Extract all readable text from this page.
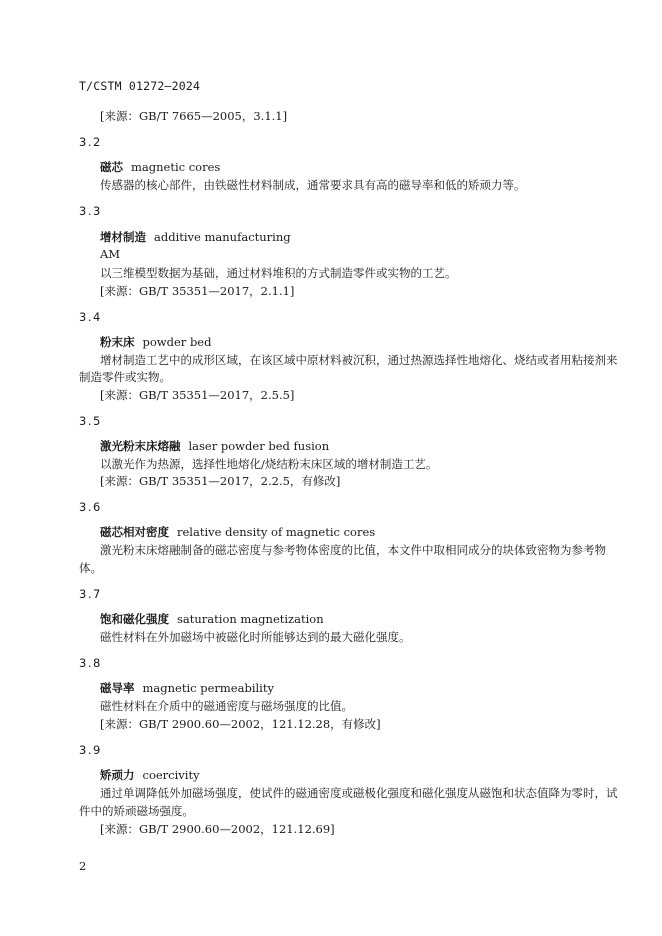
T/CSTM 01272—2024
[来源：GB/T 7665—2005，3.1.1]
3.2
磁芯 magnetic cores
传感器的核心部件，由铁磁性材料制成，通常要求具有高的磁导率和低的矫顽力等。
3.3
增材制造 additive manufacturing
AM
以三维模型数据为基础，通过材料堆积的方式制造零件或实物的工艺。
[来源：GB/T 35351—2017，2.1.1]
3.4
粉末床 powder bed
增材制造工艺中的成形区域，在该区域中原材料被沉积，通过热源选择性地熔化、烧结或者用粘接剂来
制造零件或实物。
[来源：GB/T 35351—2017，2.5.5]
3.5
激光粉末床熔融 laser powder bed fusion
以激光作为热源，选择性地熔化/烧结粉末床区域的增材制造工艺。
[来源：GB/T 35351—2017，2.2.5，有修改]
3.6
磁芯相对密度 relative density of magnetic cores
激光粉末床熔融制备的磁芯密度与参考物体密度的比值，本文件中取相同成分的块体致密物为参考物
体。
3.7
饱和磁化强度 saturation magnetization
磁性材料在外加磁场中被磁化时所能够达到的最大磁化强度。
3.8
磁导率 magnetic permeability
磁性材料在介质中的磁通密度与磁场强度的比值。
[来源：GB/T 2900.60—2002，121.12.28，有修改]
3.9
矫顽力 coercivity
通过单调降低外加磁场强度，使试件的磁通密度或磁极化强度和磁化强度从磁饱和状态值降为零时，试
件中的矫顽磁场强度。
[来源：GB/T 2900.60—2002，121.12.69]
2
